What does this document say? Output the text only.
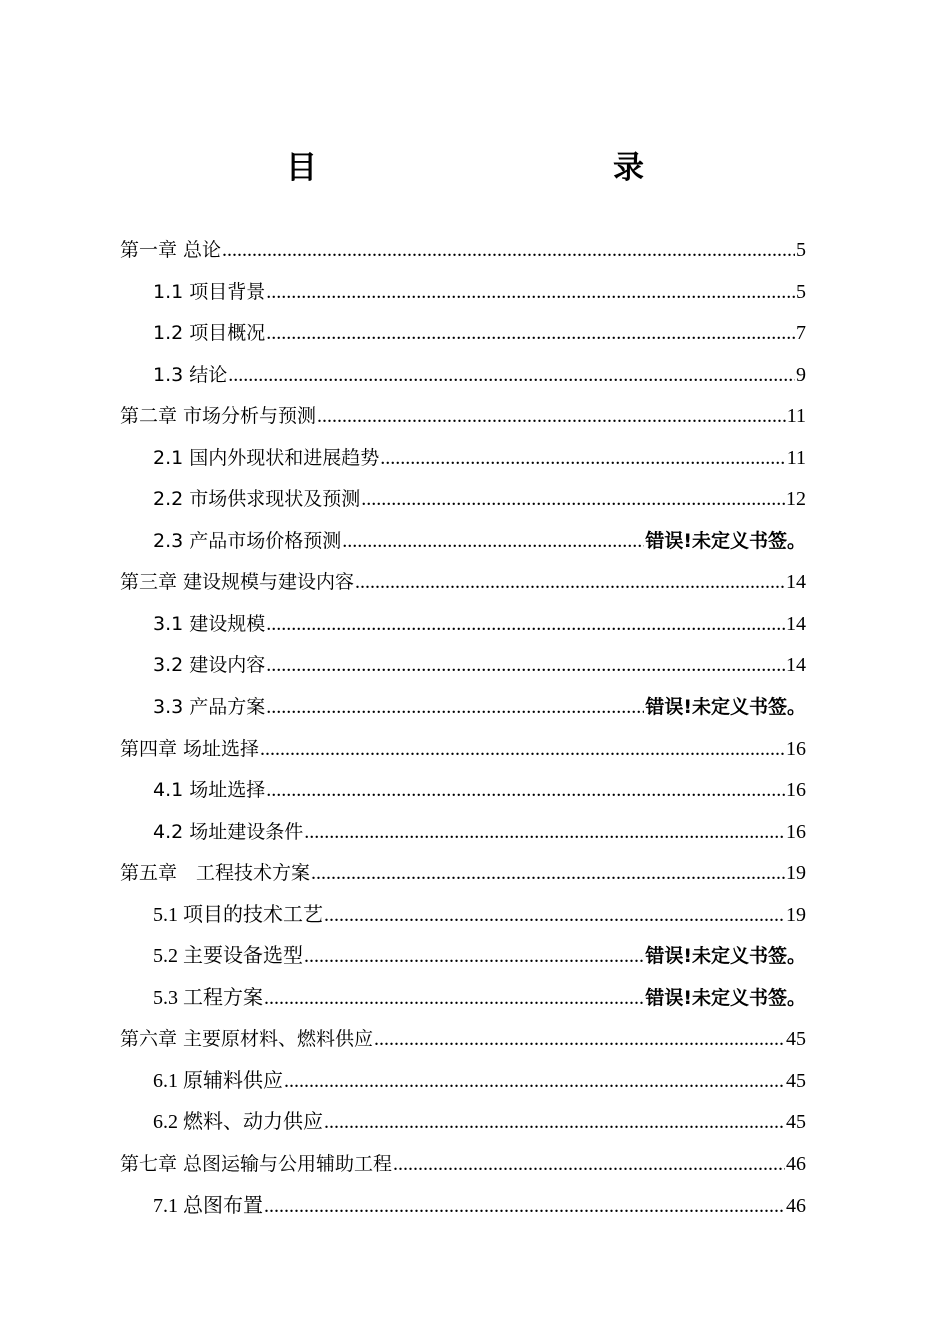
目　　录
第一章 总论 .....	5
1.1 项目背景 .....	5
1.2 项目概况 .....	7
1.3 结论 .....	9
第二章 市场分析与预测 .....	11
2.1 国内外现状和进展趋势 .....	11
2.2 市场供求现状及预测 .....	12
2.3 产品市场价格预测 .....	错误!未定义书签。
第三章 建设规模与建设内容 .....	14
3.1 建设规模 .....	14
3.2 建设内容 .....	14
3.3 产品方案 .....	错误!未定义书签。
第四章 场址选择 .....	16
4.1 场址选择 .....	16
4.2 场址建设条件 .....	16
第五章　工程技术方案 .....	19
5.1 项目的技术工艺 .....	19
5.2 主要设备选型 .....	错误!未定义书签。
5.3 工程方案 .....	错误!未定义书签。
第六章 主要原材料、燃料供应 .....	45
6.1 原辅料供应 .....	45
6.2 燃料、动力供应 .....	45
第七章 总图运输与公用辅助工程 .....	46
7.1 总图布置 .....	46
